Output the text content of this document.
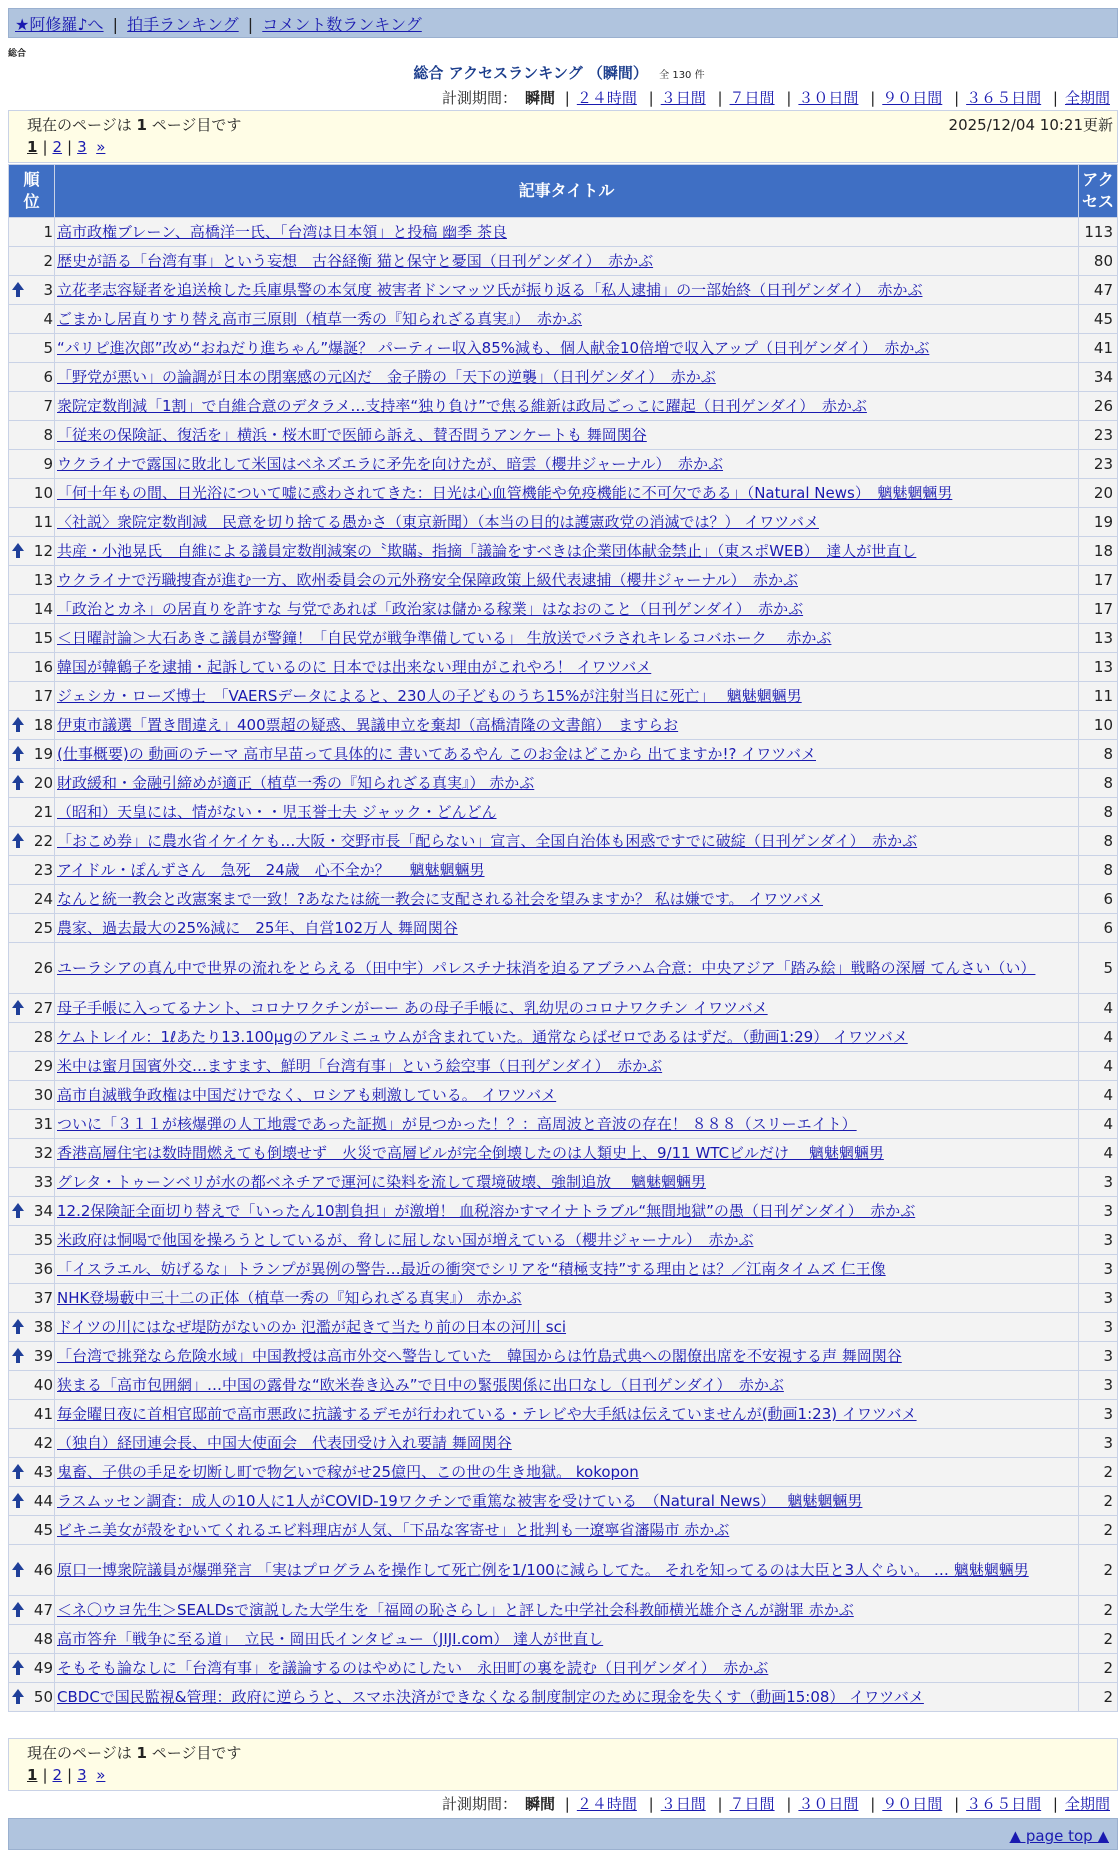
★阿修羅♪へ | 拍手ランキング | コメント数ランキング
総合
総合 アクセスランキング （瞬間） 全 130 件
計測期間： 瞬間 | ２４時間 | ３日間 | ７日間 | ３０日間 | ９０日間 | ３６５日間 | 全期間
現在のページは 1 ページ目です	2025/12/04 10:21更新
1 | 2 | 3 »
順位	記事タイトル	アクセス
1	高市政権ブレーン、高橋洋一氏、「台湾は日本領」と投稿 幽季 茶良	113
2	歴史が語る「台湾有事」という妄想　古谷経衡 猫と保守と憂国（日刊ゲンダイ）　赤かぶ	80

3	立花孝志容疑者を追送検した兵庫県警の本気度 被害者ドンマッツ氏が振り返る「私人逮捕」の一部始終（日刊ゲンダイ）　赤かぶ	47
4	ごまかし居直りすり替え高市三原則（植草一秀の『知られざる真実』）　赤かぶ	45
5	“パリピ進次郎”改め“おねだり進ちゃん”爆誕？ パーティー収入85%減も、個人献金10倍増で収入アップ（日刊ゲンダイ）　赤かぶ	41
6	「野党が悪い」の論調が日本の閉塞感の元凶だ　金子勝の「天下の逆襲」（日刊ゲンダイ）　赤かぶ	34
7	衆院定数削減「1割」で自維合意のデタラメ…支持率“独り負け”で焦る維新は政局ごっこに躍起（日刊ゲンダイ）　赤かぶ	26
8	「従来の保険証、復活を」横浜・桜木町で医師ら訴え、賛否問うアンケートも 舞岡関谷	23
9	ウクライナで露国に敗北して米国はベネズエラに矛先を向けたが、暗雲（櫻井ジャーナル）　赤かぶ	23
10	「何十年もの間、日光浴について嘘に惑わされてきた：日光は心血管機能や免疫機能に不可欠である」（Natural News）　魑魅魍魎男	20
11	〈社説〉衆院定数削減　民意を切り捨てる愚かさ（東京新聞）（本当の目的は護憲政党の消滅では？） イワツバメ	19

12	共産・小池晃氏　自維による議員定数削減案の〝欺瞞〟指摘「議論をすべきは企業団体献金禁止」（東スポWEB）　達人が世直し	18
13	ウクライナで汚職捜査が進む一方、欧州委員会の元外務安全保障政策上級代表逮捕（櫻井ジャーナル）　赤かぶ	17
14	「政治とカネ」の居直りを許すな 与党であれば「政治家は儲かる稼業」はなおのこと（日刊ゲンダイ）　赤かぶ	17
15	＜日曜討論＞大石あきこ議員が警鐘！「自民党が戦争準備している」 生放送でバラされキレるコバホーク　 赤かぶ	13
16	韓国が韓鶴子を逮捕・起訴しているのに 日本では出来ない理由がこれやろ！ イワツバメ	13
17	ジェシカ・ローズ博士　「VAERSデータによると、230人の子どものうち15%が注射当日に死亡」　 魑魅魍魎男	11

18	伊東市議選「置き間違え」400票超の疑惑、異議申立を棄却（高橋清隆の文書館）　ますらお	10

19	(仕事概要)の 動画のテーマ 高市早苗って具体的に 書いてあるやん このお金はどこから 出てますか!? イワツバメ	8

20	財政緩和・金融引締めが適正（植草一秀の『知られざる真実』） 赤かぶ	8
21	（昭和）天皇には、情がない・・児玉誉士夫 ジャック・どんどん	8

22	「おこめ券」に農水省イケイケも…大阪・交野市長「配らない」宣言、全国自治体も困惑ですでに破綻（日刊ゲンダイ）　赤かぶ	8
23	アイドル・ぽんずさん　急死　24歳　心不全か？　 魑魅魍魎男	8
24	なんと統一教会と改憲案まで一致！?あなたは統一教会に支配される社会を望みますか？ 私は嫌です。 イワツバメ	6
25	農家、過去最大の25%減に　25年、自営102万人 舞岡関谷	6
26	ユーラシアの真ん中で世界の流れをとらえる（田中宇）パレスチナ抹消を迫るアブラハム合意：中央アジア「踏み絵」戦略の深層 てんさい（い）	5

27	母子手帳に入ってるナント、コロナワクチンがーー あの母子手帳に、乳幼児のコロナワクチン イワツバメ	4
28	ケムトレイル：1ℓあたり13.100μgのアルミニュウムが含まれていた。通常ならばゼロであるはずだ。（動画1:29） イワツバメ	4
29	米中は蜜月国賓外交…ますます、鮮明「台湾有事」という絵空事（日刊ゲンダイ）　赤かぶ	4
30	高市自滅戦争政権は中国だけでなく、ロシアも刺激している。 イワツバメ	4
31	ついに「３１１が核爆弾の人工地震であった証拠」が見つかった！？：高周波と音波の存在！ ８８８（スリーエイト）	4
32	香港高層住宅は数時間燃えても倒壊せず　火災で高層ビルが完全倒壊したのは人類史上、9/11 WTCビルだけ　 魑魅魍魎男	4
33	グレタ・トゥーンベリが水の都ベネチアで運河に染料を流して環境破壊、強制追放　 魑魅魍魎男	3

34	12.2保険証全面切り替えで「いったん10割負担」が激増！ 血税溶かすマイナトラブル“無間地獄”の愚（日刊ゲンダイ）　赤かぶ	3
35	米政府は恫喝で他国を操ろうとしているが、脅しに屈しない国が増えている（櫻井ジャーナル）　赤かぶ	3
36	「イスラエル、妨げるな」トランプが異例の警告…最近の衝突でシリアを“積極支持”する理由とは？／江南タイムズ 仁王像	3
37	NHK登場藪中三十二の正体（植草一秀の『知られざる真実』） 赤かぶ	3

38	ドイツの川にはなぜ堤防がないのか 氾濫が起きて当たり前の日本の河川 sci	3

39	「台湾で挑発なら危険水域」中国教授は高市外交へ警告していた　韓国からは竹島式典への閣僚出席を不安視する声 舞岡関谷	3
40	狭まる「高市包囲網」…中国の露骨な“欧米巻き込み”で日中の緊張関係に出口なし（日刊ゲンダイ）　赤かぶ	3
41	毎金曜日夜に首相官邸前で高市悪政に抗議するデモが行われている・テレビや大手紙は伝えていませんが(動画1:23) イワツバメ	3
42	（独自）経団連会長、中国大使面会　代表団受け入れ要請 舞岡関谷	3

43	鬼畜、子供の手足を切断し町で物乞いで稼がせ25億円、この世の生き地獄。 kokopon	2

44	ラスムッセン調査：成人の10人に1人がCOVID-19ワクチンで重篤な被害を受けている　（Natural News）　 魑魅魍魎男	2
45	ビキニ美女が殻をむいてくれるエビ料理店が人気、「下品な客寄せ」と批判も一遼寧省瀋陽市 赤かぶ	2

46	原口一博衆院議員が爆弾発言 「実はプログラムを操作して死亡例を1/100に減らしてた。 それを知ってるのは大臣と3人ぐらい。 … 魑魅魍魎男	2

47	＜ネ〇ウヨ先生＞SEALDsで演説した大学生を「福岡の恥さらし」と評した中学社会科教師横光雄介さんが謝罪 赤かぶ	2
48	高市答弁「戦争に至る道」　立民・岡田氏インタビュー（JIJI.com） 達人が世直し	2

49	そもそも論なしに「台湾有事」を議論するのはやめにしたい　永田町の裏を読む（日刊ゲンダイ）　赤かぶ	2

50	CBDCで国民監視&管理：政府に逆らうと、スマホ決済ができなくなる制度制定のために現金を失くす（動画15:08） イワツバメ	2
現在のページは 1 ページ目です
1 | 2 | 3 »
計測期間： 瞬間 | ２４時間 | ３日間 | ７日間 | ３０日間 | ９０日間 | ３６５日間 | 全期間
▲ page top ▲
